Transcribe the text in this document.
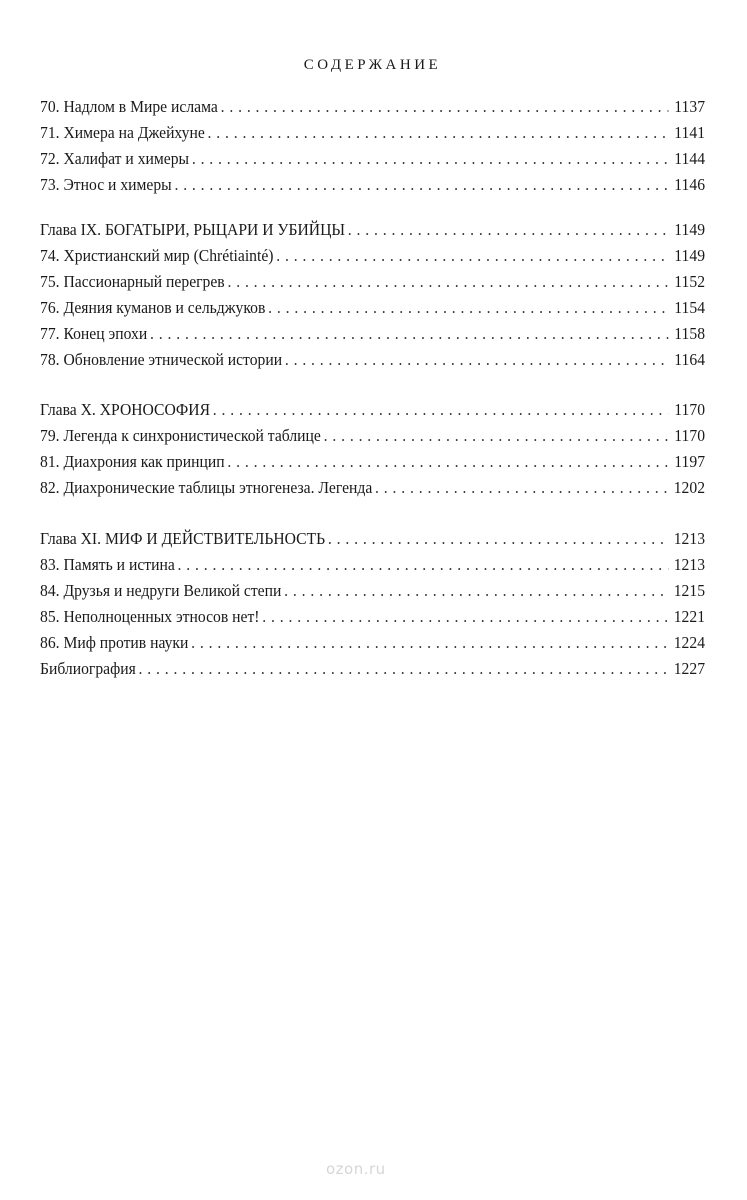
СОДЕРЖАНИЕ
70. Надлом в Мире ислама . . .	1137
71. Химера на Джейхуне . . .	1141
72. Халифат и химеры . . .	1144
73. Этнос и химеры . . .	1146
Глава IX. БОГАТЫРИ, РЫЦАРИ И УБИЙЦЫ . . .	1149
74. Христианский мир (Chrétiainté) . . .	1149
75. Пассионарный перегрев . . .	1152
76. Деяния куманов и сельджуков . . .	1154
77. Конец эпохи . . .	1158
78. Обновление этнической истории . . .	1164
Глава X. ХРОНОСОФИЯ . . .	1170
79. Легенда к синхронистической таблице . . .	1170
81. Диахрония как принцип . . .	1197
82. Диахронические таблицы этногенеза. Легенда . . .	1202
Глава XI. МИФ И ДЕЙСТВИТЕЛЬНОСТЬ . . .	1213
83. Память и истина . . .	1213
84. Друзья и недруги Великой степи . . .	1215
85. Неполноценных этносов нет! . . .	1221
86. Миф против науки . . .	1224
Библиография . . .	1227
ozon.ru
